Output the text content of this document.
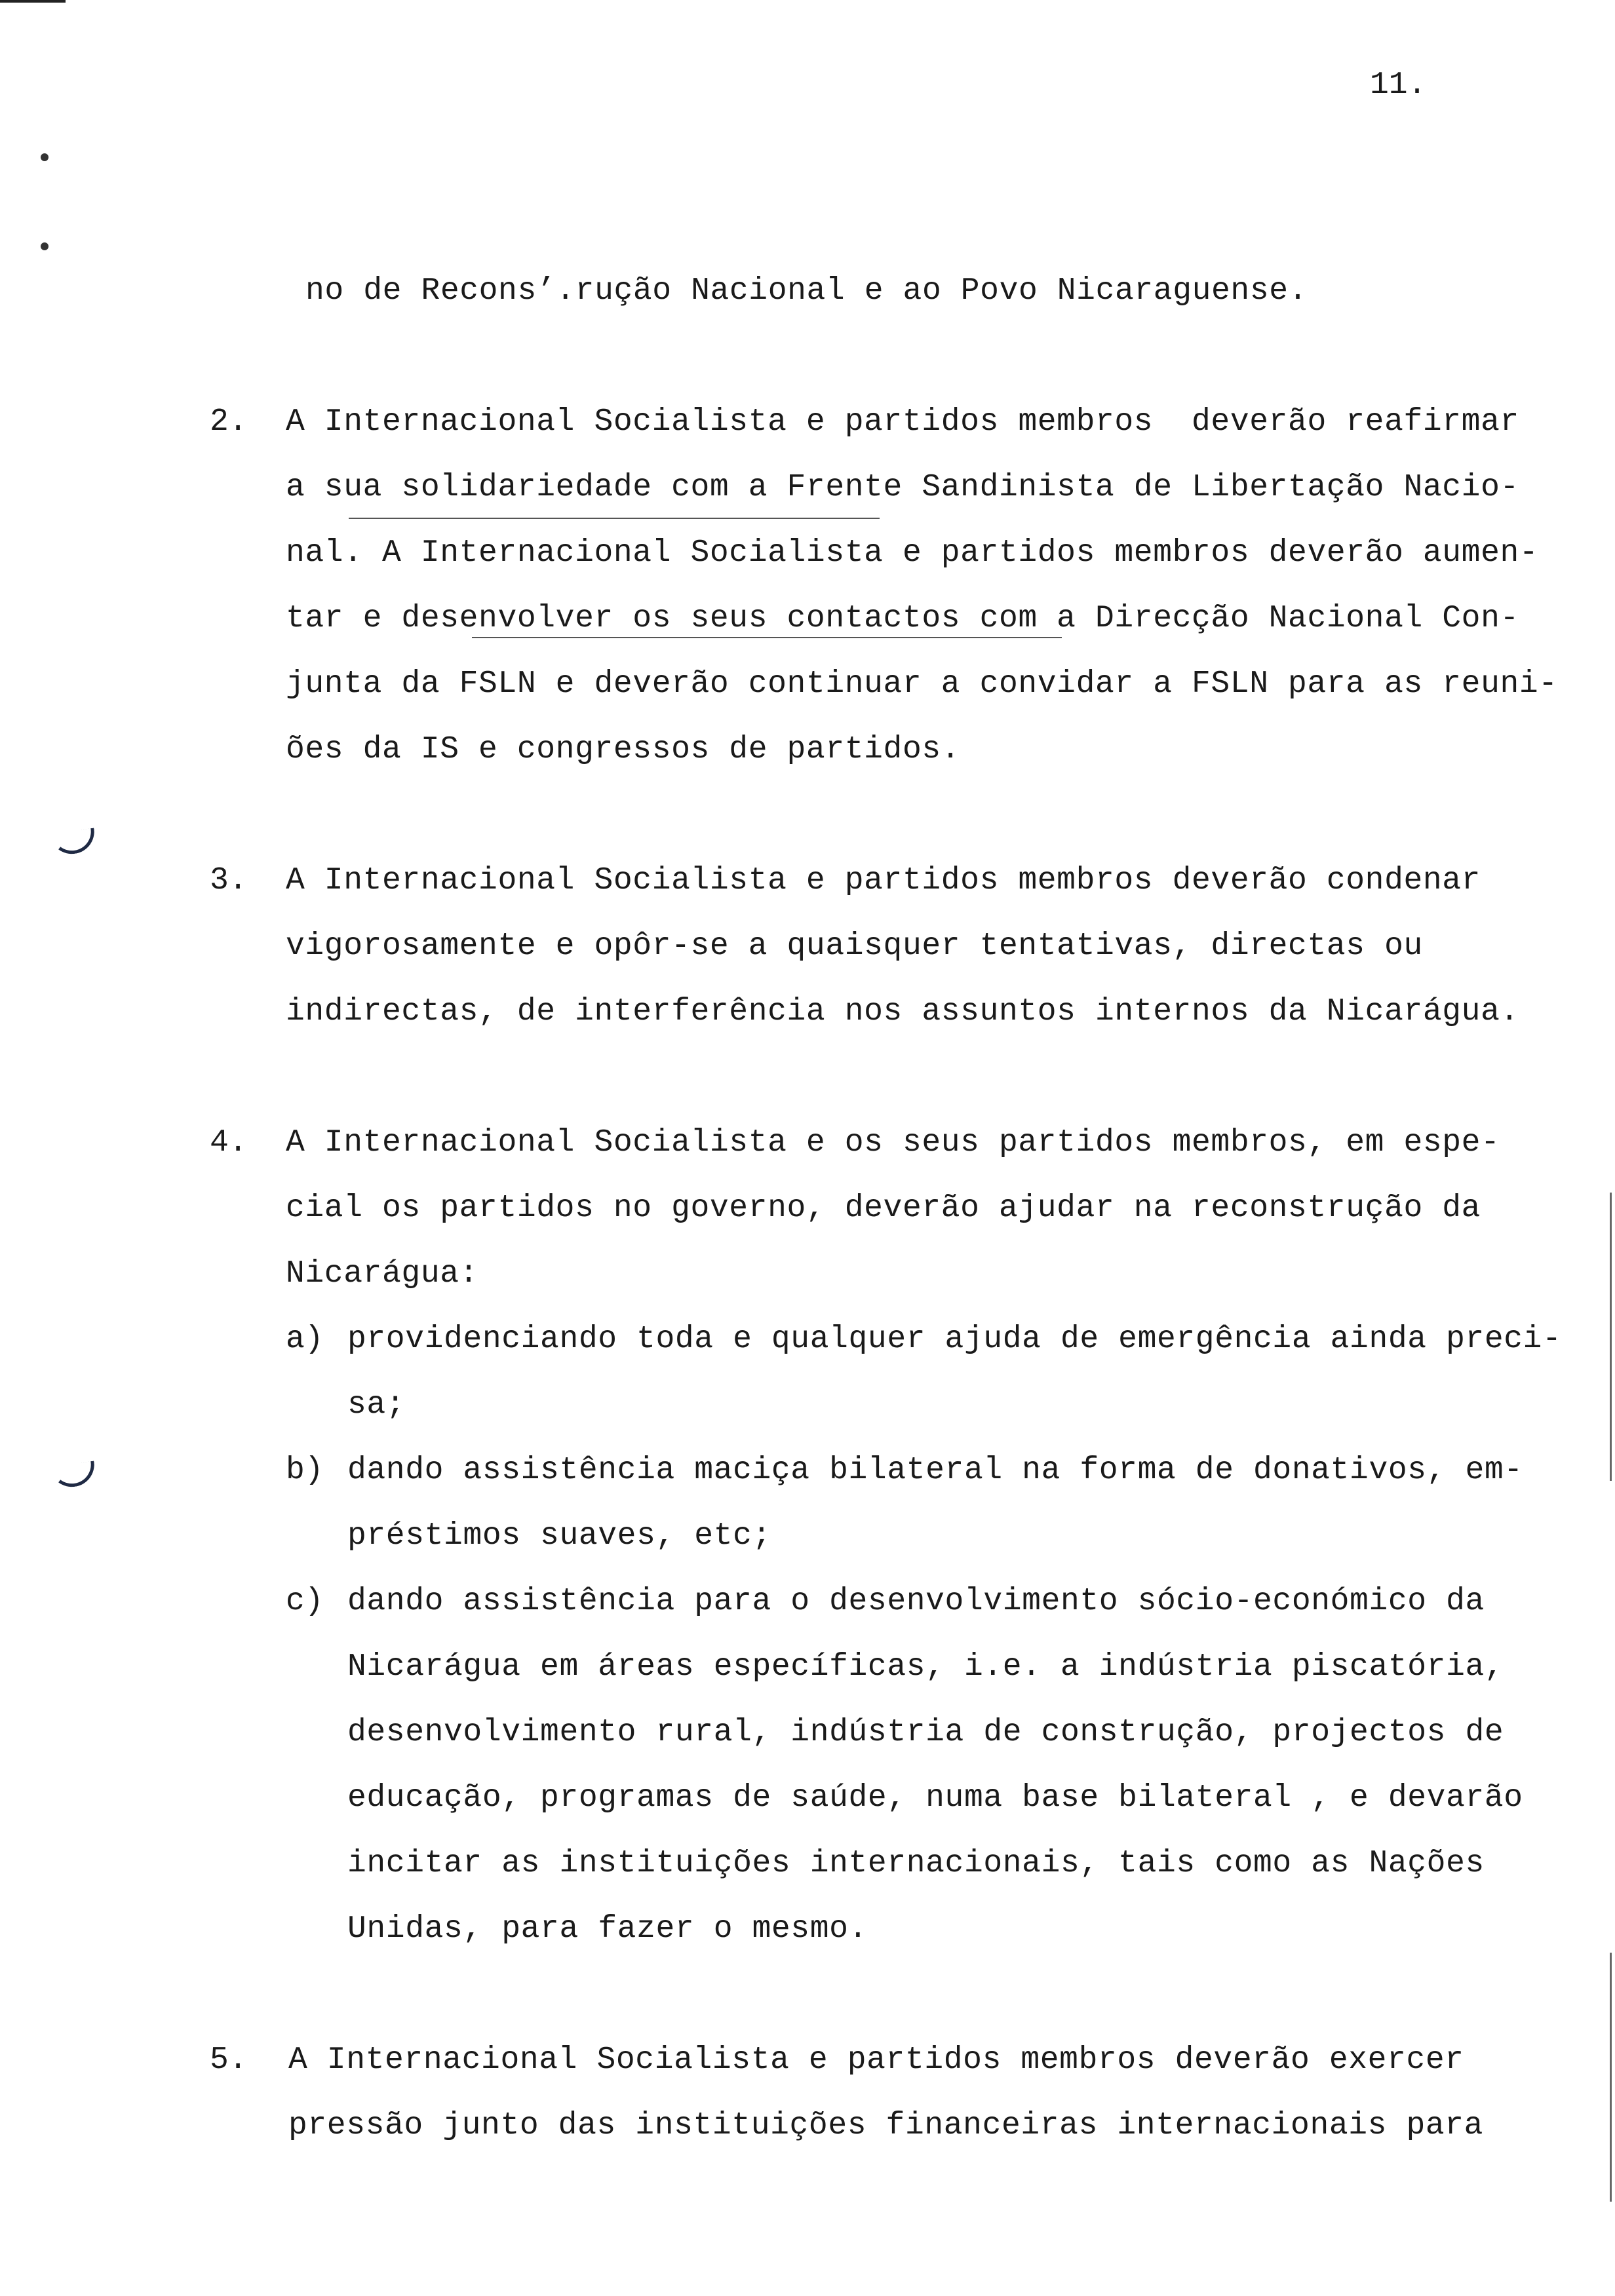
11.

no de Recons’.rução Nacional e ao Povo Nicaraguense.

2. A Internacional Socialista e partidos membros  deverão reafirmar

a sua solidariedade com a Frente Sandinista de Libertação Nacio-

nal. A Internacional Socialista e partidos membros deverão aumen-

tar e desenvolver os seus contactos com a Direcção Nacional Con-

junta da FSLN e deverão continuar a convidar a FSLN para as reuni-

ões da IS e congressos de partidos.

3. A Internacional Socialista e partidos membros deverão condenar

vigorosamente e opôr-se a quaisquer tentativas, directas ou

indirectas, de interferência nos assuntos internos da Nicarágua.

4. A Internacional Socialista e os seus partidos membros, em espe-

cial os partidos no governo, deverão ajudar na reconstrução da

Nicarágua:

a) providenciando toda e qualquer ajuda de emergência ainda preci-

sa;

b) dando assistência maciça bilateral na forma de donativos, em-

préstimos suaves, etc;

c) dando assistência para o desenvolvimento sócio-económico da

Nicarágua em áreas específicas, i.e. a indústria piscatória,

desenvolvimento rural, indústria de construção, projectos de

educação, programas de saúde, numa base bilateral , e devarão

incitar as instituições internacionais, tais como as Nações

Unidas, para fazer o mesmo.

5. A Internacional Socialista e partidos membros deverão exercer

pressão junto das instituições financeiras internacionais para
